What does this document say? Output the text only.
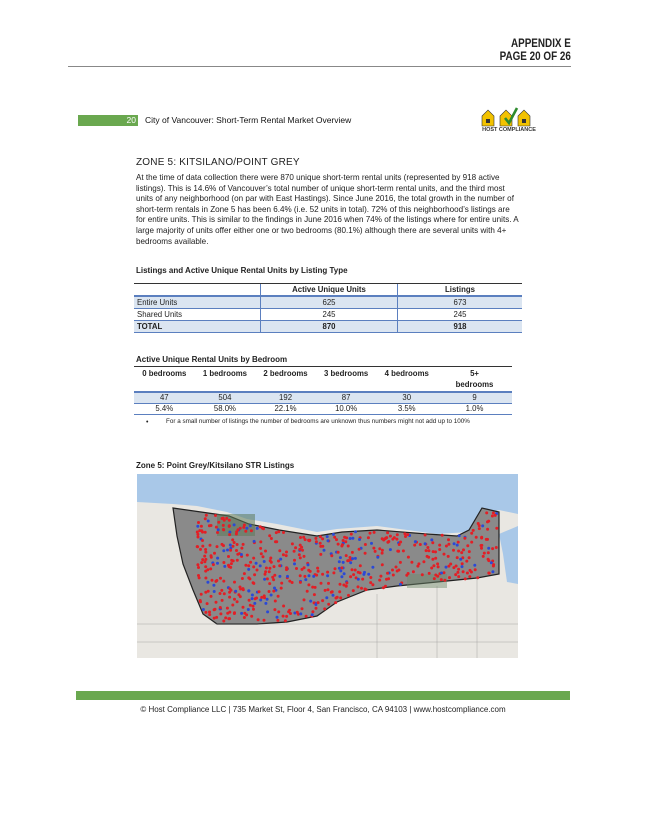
APPENDIX E
PAGE 20 OF 26
20 City of Vancouver: Short-Term Rental Market Overview
HOST COMPLIANCE
ZONE 5: KITSILANO/POINT GREY
At the time of data collection there were 870 unique short-term rental units (represented by 918 active listings). This is 14.6% of Vancouver’s total number of unique short-term rental units, and the third most units of any neighborhood (on par with East Hastings). Since June 2016, the total growth in the number of short-term rentals in Zone 5 has been 6.4% (i.e. 52 units in total). 72% of this neighborhood’s listings are for entire units. This is similar to the findings in June 2016 when 74% of the listings where for entire units. A large majority of units offer either one or two bedrooms (80.1%) although there are several units with 4+ bedrooms available.
Listings and Active Unique Rental Units by Listing Type
	Active Unique Units	Listings
Entire Units	625	673
Shared Units	245	245
TOTAL	870	918
Active Unique Rental Units by Bedroom
0 bedrooms	1 bedrooms	2 bedrooms	3 bedrooms	4 bedrooms	5+ bedrooms
47	504	192	87	30	9
5.4%	58.0%	22.1%	10.0%	3.5%	1.0%
•	For a small number of listings the number of bedrooms are unknown thus numbers might not add up to 100%
Zone 5: Point Grey/Kitsilano STR Listings
© Host Compliance LLC | 735 Market St, Floor 4, San Francisco, CA 94103 | www.hostcompliance.com
